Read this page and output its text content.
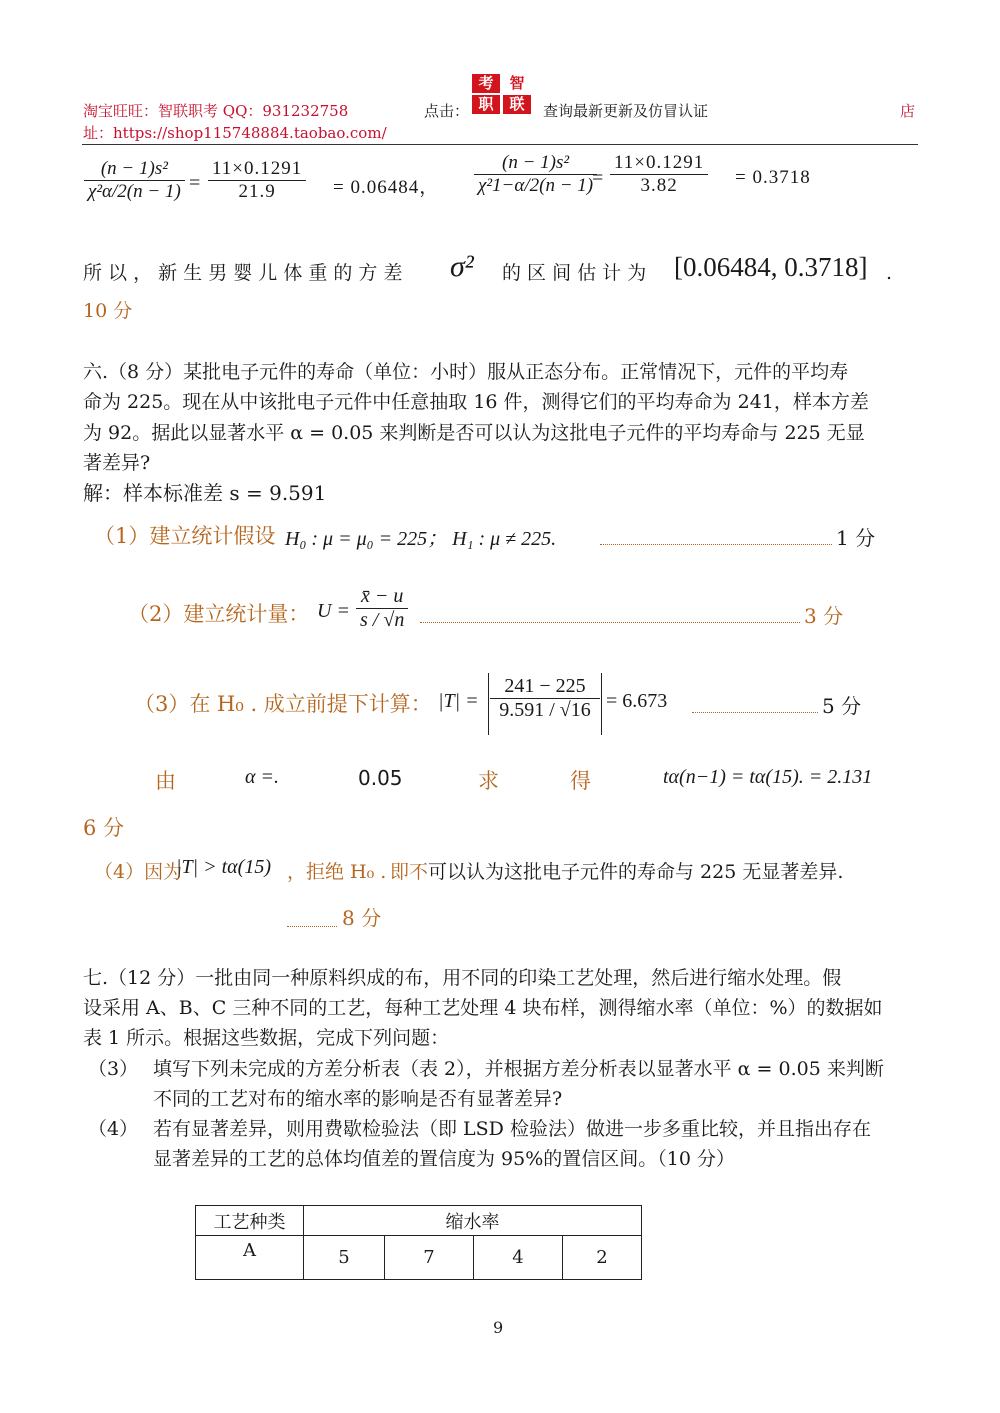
淘宝旺旺：智联职考 QQ：931232758	点击：
考	智
职	联	查询最新更新及仿冒认证	店
址：https://shop115748884.taobao.com/
$\frac{\text{(n − 1)s²}}{\text{χ²α/2(n − 1)}} = \frac{11\times 0.1291}{21.9} = 0.06484$， $\frac{\text{(n − 1)s²}}{\text{χ²1−α/2(n − 1)}}$
= $\frac{11\times 0.1291}{3.82} = 0.3718$
所 以 ， 新 生 男 婴 儿 体 重 的 方 差 σ² 的 区 间 估 计 为 [0.06484, 0.3718] .
10 分
六.（8 分）某批电子元件的寿命（单位：小时）服从正态分布。正常情况下，元件的平均寿
命为 225。现在从中该批电子元件中任意抽取 16 件，测得它们的平均寿命为 241，样本方差
为 92。据此以显著水平 α = 0.05 来判断是否可以认为这批电子元件的平均寿命与 225 无显
著差异?
解：样本标准差 s = 9.591
（1）建立统计假设 H₀ : μ = μ₀ = 225； H₁ : μ ≠ 225.	1 分
（2）建立统计量： $U = \frac{x̄ - u}{s / √n}$	3 分
（3）在 H₀ . 成立前提下计算： $|T| = \frac{241 - 225}{9.591 / √16} = 6.673$	5 分
由	α =.	0.05	求	得	tα(n−1) = tα(15). = 2.131
6 分
（4）因为
|T| > tα(15) ，拒绝 H₀ . 即不 可以认为这批电子元件的寿命与 225 无显著差异.
8 分
七.（12 分）一批由同一种原料织成的布，用不同的印染工艺处理，然后进行缩水处理。假
设采用 A、B、C 三种不同的工艺，每种工艺处理 4 块布样，测得缩水率（单位：%）的数据如
表 1 所示。根据这些数据，完成下列问题：
（3） 填写下列未完成的方差分析表（表 2），并根据方差分析表以显著水平 α = 0.05 来判断
不同的工艺对布的缩水率的影响是否有显著差异?
（4） 若有显著差异，则用费歇检验法（即 LSD 检验法）做进一步多重比较，并且指出存在
显著差异的工艺的总体均值差的置信度为 95%的置信区间。（10 分）
工艺种类	缩水率			
A	5	7	4	2
9
